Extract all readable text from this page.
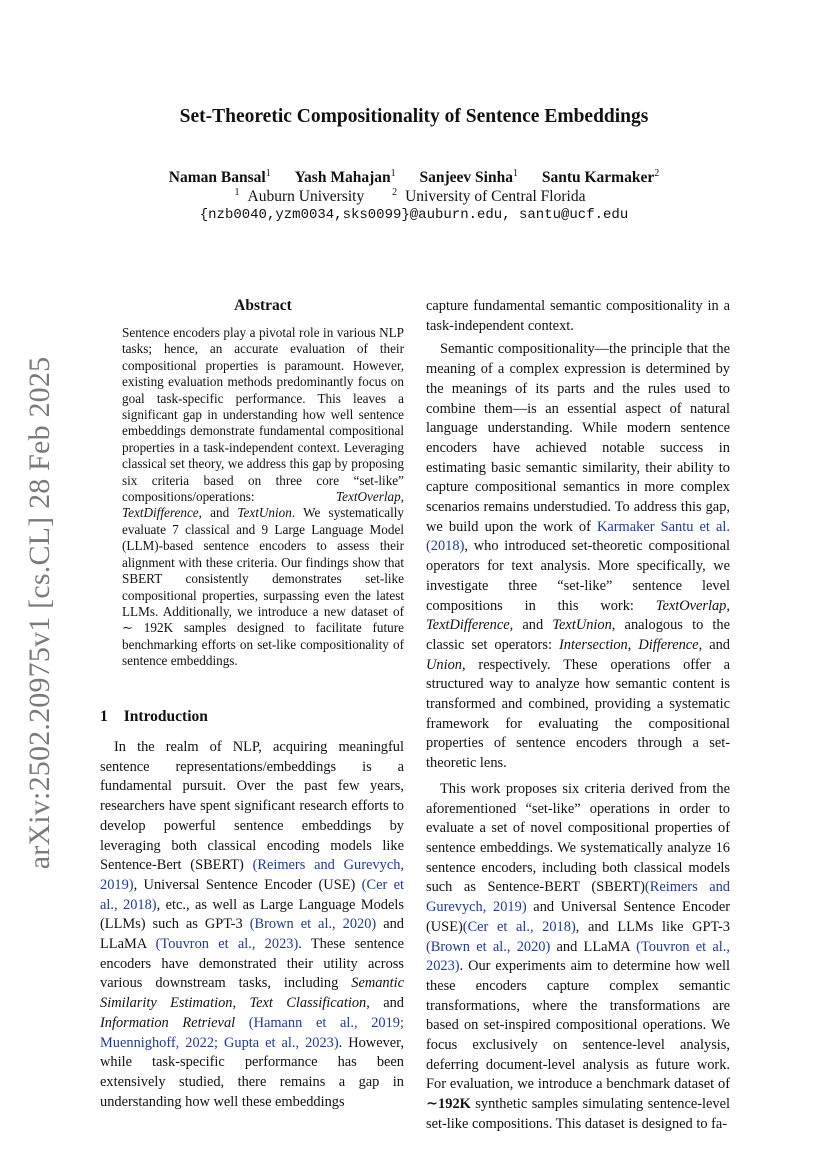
arXiv:2502.20975v1 [cs.CL] 28 Feb 2025
Set-Theoretic Compositionality of Sentence Embeddings
Naman Bansal$^1$ Yash Mahajan$^1$ Sanjeev Sinha$^1$ Santu Karmaker$^2$
$^1$ Auburn University	$^2$ University of Central Florida
{nzb0040,yzm0034,sks0099}@auburn.edu, santu@ucf.edu
Abstract
Sentence encoders play a pivotal role in various NLP tasks; hence, an accurate evaluation of their compositional properties is paramount. However, existing evaluation methods predominantly focus on goal task-specific performance. This leaves a significant gap in understanding how well sentence embeddings demonstrate fundamental compositional properties in a task-independent context. Leveraging classical set theory, we address this gap by proposing six criteria based on three core “set-like” compositions/operations: TextOverlap, TextDifference, and TextUnion. We systematically evaluate 7 classical and 9 Large Language Model (LLM)-based sentence encoders to assess their alignment with these criteria. Our findings show that SBERT consistently demonstrates set-like compositional properties, surpassing even the latest LLMs. Additionally, we introduce a new dataset of ∼ 192K samples designed to facilitate future benchmarking efforts on set-like compositionality of sentence embeddings.
1 Introduction

In the realm of NLP, acquiring meaningful sentence representations/embeddings is a fundamental pursuit. Over the past few years, researchers have spent significant research efforts to develop powerful sentence embeddings by leveraging both classical encoding models like Sentence-Bert (SBERT) (Reimers and Gurevych, 2019), Universal Sentence Encoder (USE) (Cer et al., 2018), etc., as well as Large Language Models (LLMs) such as GPT-3 (Brown et al., 2020) and LLaMA (Touvron et al., 2023). These sentence encoders have demonstrated their utility across various downstream tasks, including Semantic Similarity Estimation, Text Classification, and Information Retrieval (Hamann et al., 2019; Muennighoff, 2022; Gupta et al., 2023). However, while task-specific performance has been extensively studied, there remains a gap in understanding how well these embeddings

capture fundamental semantic compositionality in a task-independent context.

Semantic compositionality—the principle that the meaning of a complex expression is determined by the meanings of its parts and the rules used to combine them—is an essential aspect of natural language understanding. While modern sentence encoders have achieved notable success in estimating basic semantic similarity, their ability to capture compositional semantics in more complex scenarios remains understudied. To address this gap, we build upon the work of Karmaker Santu et al. (2018), who introduced set-theoretic compositional operators for text analysis. More specifically, we investigate three “set-like” sentence level compositions in this work: TextOverlap, TextDifference, and TextUnion, analogous to the classic set operators: Intersection, Difference, and Union, respectively. These operations offer a structured way to analyze how semantic content is transformed and combined, providing a systematic framework for evaluating the compositional properties of sentence encoders through a set-theoretic lens.

This work proposes six criteria derived from the aforementioned “set-like” operations in order to evaluate a set of novel compositional properties of sentence embeddings. We systematically analyze 16 sentence encoders, including both classical models such as Sentence-BERT (SBERT)(Reimers and Gurevych, 2019) and Universal Sentence Encoder (USE)(Cer et al., 2018), and LLMs like GPT-3 (Brown et al., 2020) and LLaMA (Touvron et al., 2023). Our experiments aim to determine how well these encoders capture complex semantic transformations, where the transformations are based on set-inspired compositional operations. We focus exclusively on sentence-level analysis, deferring document-level analysis as future work. For evaluation, we introduce a benchmark dataset of ∼192K synthetic samples simulating sentence-level set-like compositions. This dataset is designed to fa-
